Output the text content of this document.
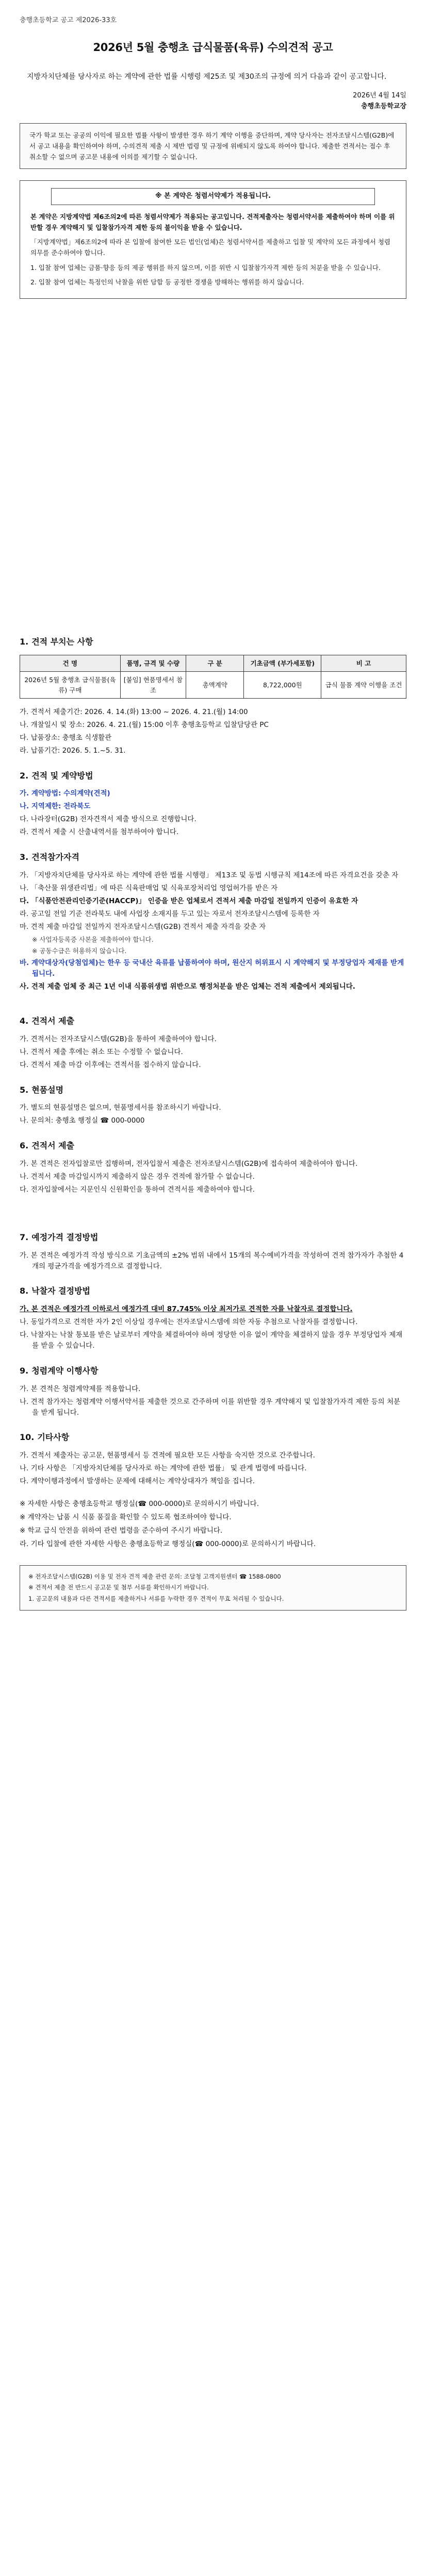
충행초등학교 공고 제2026-33호
2026년 5월 충행초 급식물품(육류) 수의견적 공고

지방자치단체를 당사자로 하는 계약에 관한 법률 시행령 제25조 및 제30조의 규정에 의거 다음과 같이 공고합니다.

2026년 4월 14일
충행초등학교장
국가 학교 또는 공공의 이익에 필요한 법률 사항이 발생한 경우 하기 계약 이행을 중단하며, 계약 당사자는 전자조달시스템(G2B)에서 공고 내용을 확인하여야 하며, 수의견적 제출 시 제반 법령 및 규정에 위배되지 않도록 하여야 합니다. 제출한 견적서는 접수 후 취소할 수 없으며 공고문 내용에 이의를 제기할 수 없습니다.
※ 본 계약은 청렴서약제가 적용됩니다.

본 계약은 지방계약법 제6조의2에 따른 청렴서약제가 적용되는 공고입니다. 견적제출자는 청렴서약서를 제출하여야 하며 이를 위반할 경우 계약해지 및 입찰참가자격 제한 등의 불이익을 받을 수 있습니다.

「지방계약법」제6조의2에 따라 본 입찰에 참여한 모든 법인(업체)은 청렴서약서를 제출하고 입찰 및 계약의 모든 과정에서 청렴의무를 준수하여야 합니다.

1. 입찰 참여 업체는 금품·향응 등의 제공 행위를 하지 않으며, 이를 위반 시 입찰참가자격 제한 등의 처분을 받을 수 있습니다.

2. 입찰 참여 업체는 특정인의 낙찰을 위한 담합 등 공정한 경쟁을 방해하는 행위를 하지 않습니다.

1. 견적 부치는 사항
건 명	품명, 규격 및 수량	구 분	기초금액 (부가세포함)	비 고
2026년 5월 충행초 급식물품(육류) 구매	[붙임] 현품명세서 참조	총액계약	8,722,000원	급식 물품 계약 이행을 조건
가. 견적서 제출기간: 2026. 4. 14.(화) 13:00 ~ 2026. 4. 21.(월) 14:00
나. 개찰일시 및 장소: 2026. 4. 21.(월) 15:00 이후 충행초등학교 입찰담당관 PC
다. 납품장소: 충행초 식생활관
라. 납품기간: 2026. 5. 1.~5. 31.
2. 견적 및 계약방법
가. 계약방법: 수의계약(견적)
나. 지역제한: 전라북도
다. 나라장터(G2B) 전자견적서 제출 방식으로 진행합니다.
라. 견적서 제출 시 산출내역서를 첨부하여야 합니다.
3. 견적참가자격
가. 「지방자치단체를 당사자로 하는 계약에 관한 법률 시행령」 제13조 및 동법 시행규칙 제14조에 따른 자격요건을 갖춘 자
나. 「축산물 위생관리법」에 따른 식육판매업 및 식육포장처리업 영업허가를 받은 자
다. 「식품안전관리인증기준(HACCP)」 인증을 받은 업체로서 견적서 제출 마감일 전일까지 인증이 유효한 자
라. 공고일 전일 기준 전라북도 내에 사업장 소재지를 두고 있는 자로서 전자조달시스템에 등록한 자
마. 견적 제출 마감일 전일까지 전자조달시스템(G2B) 견적서 제출 자격을 갖춘 자
※ 사업자등록증 사본을 제출하여야 합니다.
※ 공동수급은 허용하지 않습니다.
바. 계약대상자(당첨업체)는 한우 등 국내산 육류를 납품하여야 하며, 원산지 허위표시 시 계약해지 및 부정당업자 제재를 받게 됩니다.
사. 견적 제출 업체 중 최근 1년 이내 식품위생법 위반으로 행정처분을 받은 업체는 견적 제출에서 제외됩니다.
4. 견적서 제출
가. 견적서는 전자조달시스템(G2B)을 통하여 제출하여야 합니다.
나. 견적서 제출 후에는 취소 또는 수정할 수 없습니다.
다. 견적서 제출 마감 이후에는 견적서를 접수하지 않습니다.
5. 현품설명
가. 별도의 현품설명은 없으며, 현품명세서를 참조하시기 바랍니다.
나. 문의처: 충행초 행정실 ☎ 000-0000
6. 견적서 제출
가. 본 견적은 전자입찰로만 집행하며, 전자입찰서 제출은 전자조달시스템(G2B)에 접속하여 제출하여야 합니다.
나. 견적서 제출 마감일시까지 제출하지 않은 경우 견적에 참가할 수 없습니다.
다. 전자입찰에서는 지문인식 신원확인을 통하여 견적서를 제출하여야 합니다.
7. 예정가격 결정방법
가. 본 견적은 예정가격 작성 방식으로 기초금액의 ±2% 범위 내에서 15개의 복수예비가격을 작성하여 견적 참가자가 추첨한 4개의 평균가격을 예정가격으로 결정합니다.
8. 낙찰자 결정방법
가. 본 견적은 예정가격 이하로서 예정가격 대비 87.745% 이상 최저가로 견적한 자를 낙찰자로 결정합니다.
나. 동일가격으로 견적한 자가 2인 이상일 경우에는 전자조달시스템에 의한 자동 추첨으로 낙찰자를 결정합니다.
다. 낙찰자는 낙찰 통보를 받은 날로부터 계약을 체결하여야 하며 정당한 이유 없이 계약을 체결하지 않을 경우 부정당업자 제재를 받을 수 있습니다.
9. 청렴계약 이행사항
가. 본 견적은 청렴계약제를 적용합니다.
나. 견적 참가자는 청렴계약 이행서약서를 제출한 것으로 간주하며 이를 위반할 경우 계약해지 및 입찰참가자격 제한 등의 처분을 받게 됩니다.
10. 기타사항
가. 견적서 제출자는 공고문, 현품명세서 등 견적에 필요한 모든 사항을 숙지한 것으로 간주합니다.
나. 기타 사항은 「지방자치단체를 당사자로 하는 계약에 관한 법률」 및 관계 법령에 따릅니다.
다. 계약이행과정에서 발생하는 문제에 대해서는 계약상대자가 책임을 집니다.
※ 자세한 사항은 충행초등학교 행정실(☎ 000-0000)로 문의하시기 바랍니다.
※ 계약자는 납품 시 식품 품질을 확인할 수 있도록 협조하여야 합니다.
※ 학교 급식 안전을 위하여 관련 법령을 준수하여 주시기 바랍니다.
라. 기타 입찰에 관한 자세한 사항은 충행초등학교 행정실(☎ 000-0000)로 문의하시기 바랍니다.

※ 전자조달시스템(G2B) 이용 및 전자 견적 제출 관련 문의: 조달청 고객지원센터 ☎ 1588-0800

※ 견적서 제출 전 반드시 공고문 및 첨부 서류를 확인하시기 바랍니다.

1. 공고문의 내용과 다른 견적서를 제출하거나 서류를 누락한 경우 견적이 무효 처리될 수 있습니다.
